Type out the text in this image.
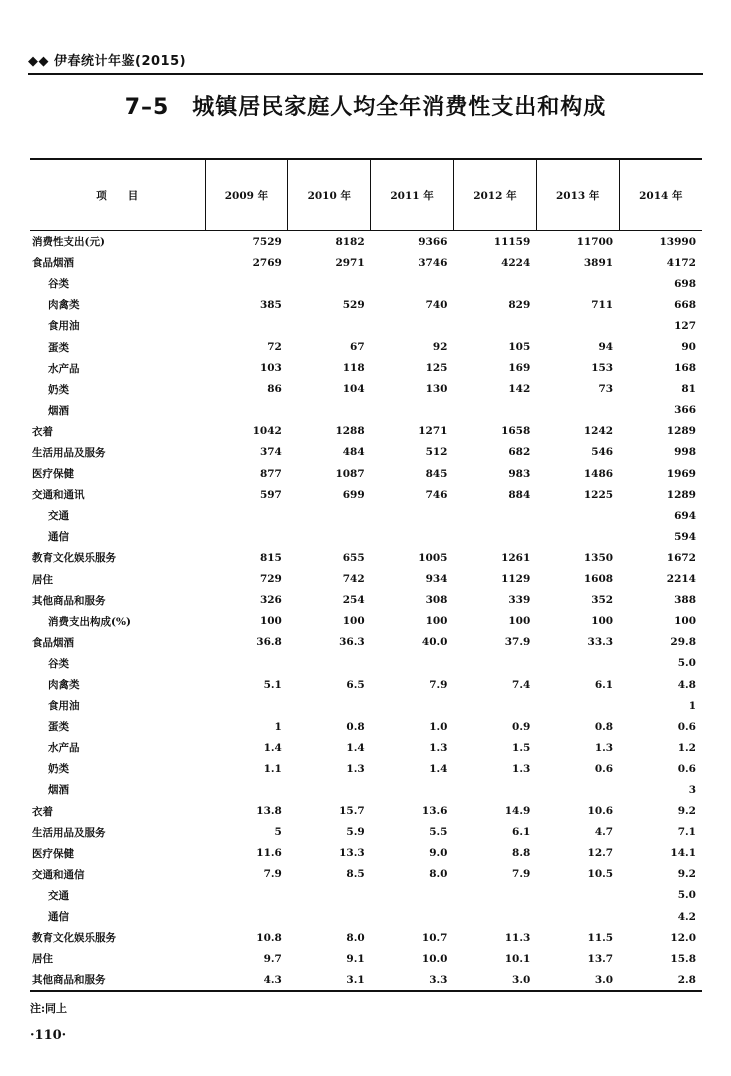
◆◆ 伊春统计年鉴(2015)
7–5　城镇居民家庭人均全年消费性支出和构成
项　　目	2009 年	2010 年	2011 年	2012 年	2013 年	2014 年
消费性支出(元)	7529	8182	9366	11159	11700	13990
食品烟酒	2769	2971	3746	4224	3891	4172
谷类						698
肉禽类	385	529	740	829	711	668
食用油						127
蛋类	72	67	92	105	94	90
水产品	103	118	125	169	153	168
奶类	86	104	130	142	73	81
烟酒						366
衣着	1042	1288	1271	1658	1242	1289
生活用品及服务	374	484	512	682	546	998
医疗保健	877	1087	845	983	1486	1969
交通和通讯	597	699	746	884	1225	1289
交通						694
通信						594
教育文化娱乐服务	815	655	1005	1261	1350	1672
居住	729	742	934	1129	1608	2214
其他商品和服务	326	254	308	339	352	388
消费支出构成(%)	100	100	100	100	100	100
食品烟酒	36.8	36.3	40.0	37.9	33.3	29.8
谷类						5.0
肉禽类	5.1	6.5	7.9	7.4	6.1	4.8
食用油						1
蛋类	1	0.8	1.0	0.9	0.8	0.6
水产品	1.4	1.4	1.3	1.5	1.3	1.2
奶类	1.1	1.3	1.4	1.3	0.6	0.6
烟酒						3
衣着	13.8	15.7	13.6	14.9	10.6	9.2
生活用品及服务	5	5.9	5.5	6.1	4.7	7.1
医疗保健	11.6	13.3	9.0	8.8	12.7	14.1
交通和通信	7.9	8.5	8.0	7.9	10.5	9.2
交通						5.0
通信						4.2
教育文化娱乐服务	10.8	8.0	10.7	11.3	11.5	12.0
居住	9.7	9.1	10.0	10.1	13.7	15.8
其他商品和服务	4.3	3.1	3.3	3.0	3.0	2.8
注:同上
·110·
